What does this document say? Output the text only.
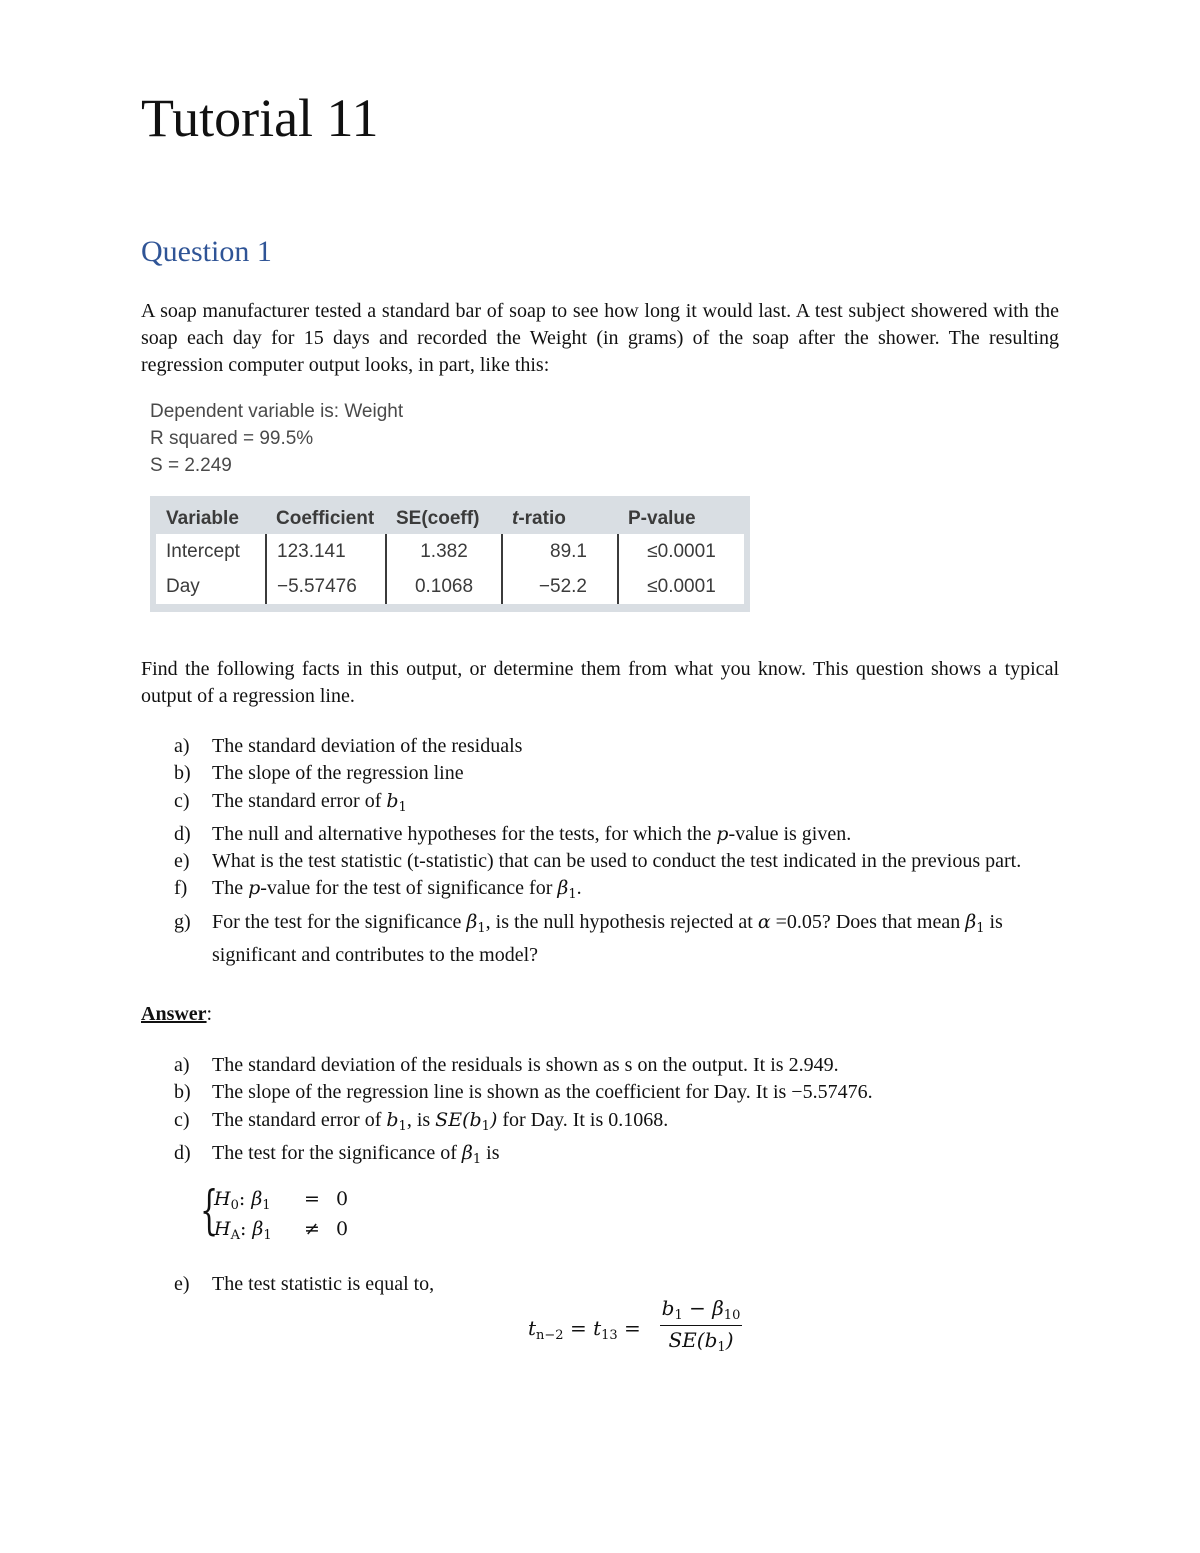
Tutorial 11
Question 1

A soap manufacturer tested a standard bar of soap to see how long it would last. A test subject showered with the soap each day for 15 days and recorded the Weight (in grams) of the soap after the shower. The resulting regression computer output looks, in part, like this:

Dependent variable is: Weight
R squared = 99.5%
S = 2.249
Variable	Coefficient	SE(coeff)	t-ratio	P-value
Intercept	123.141	1.382	89.1	≤0.0001
Day	−5.57476	0.1068	−52.2	≤0.0001

Find the following facts in this output, or determine them from what you know. This question shows a typical output of a regression line.

a) The standard deviation of the residuals
b) The slope of the regression line
c) The standard error of $b_1$
d) The null and alternative hypotheses for the tests, for which the p-value is given.
e) What is the test statistic (t-statistic) that can be used to conduct the test indicated in the previous part.
f) The p-value for the test of significance for $\beta_1$.
g) For the test for the significance $\beta_1$, is the null hypothesis rejected at α =0.05? Does that mean $\beta_1$ is significant and contributes to the model?

Answer:

a) The standard deviation of the residuals is shown as s on the output. It is 2.949.
b) The slope of the regression line is shown as the coefficient for Day. It is −5.57476.
c) The standard error of $b_1$, is $SE(b_1)$ for Day. It is 0.1068.
d) The test for the significance of $\beta_1$ is
{
$H_0$: $\beta_1 = 0$
$H_A$: $\beta_1 \ne 0$
e) The test statistic is equal to,
$t_{n-2} = t_{13} = \frac{b_1 - \beta_{10}}{SE(b_1)}$
